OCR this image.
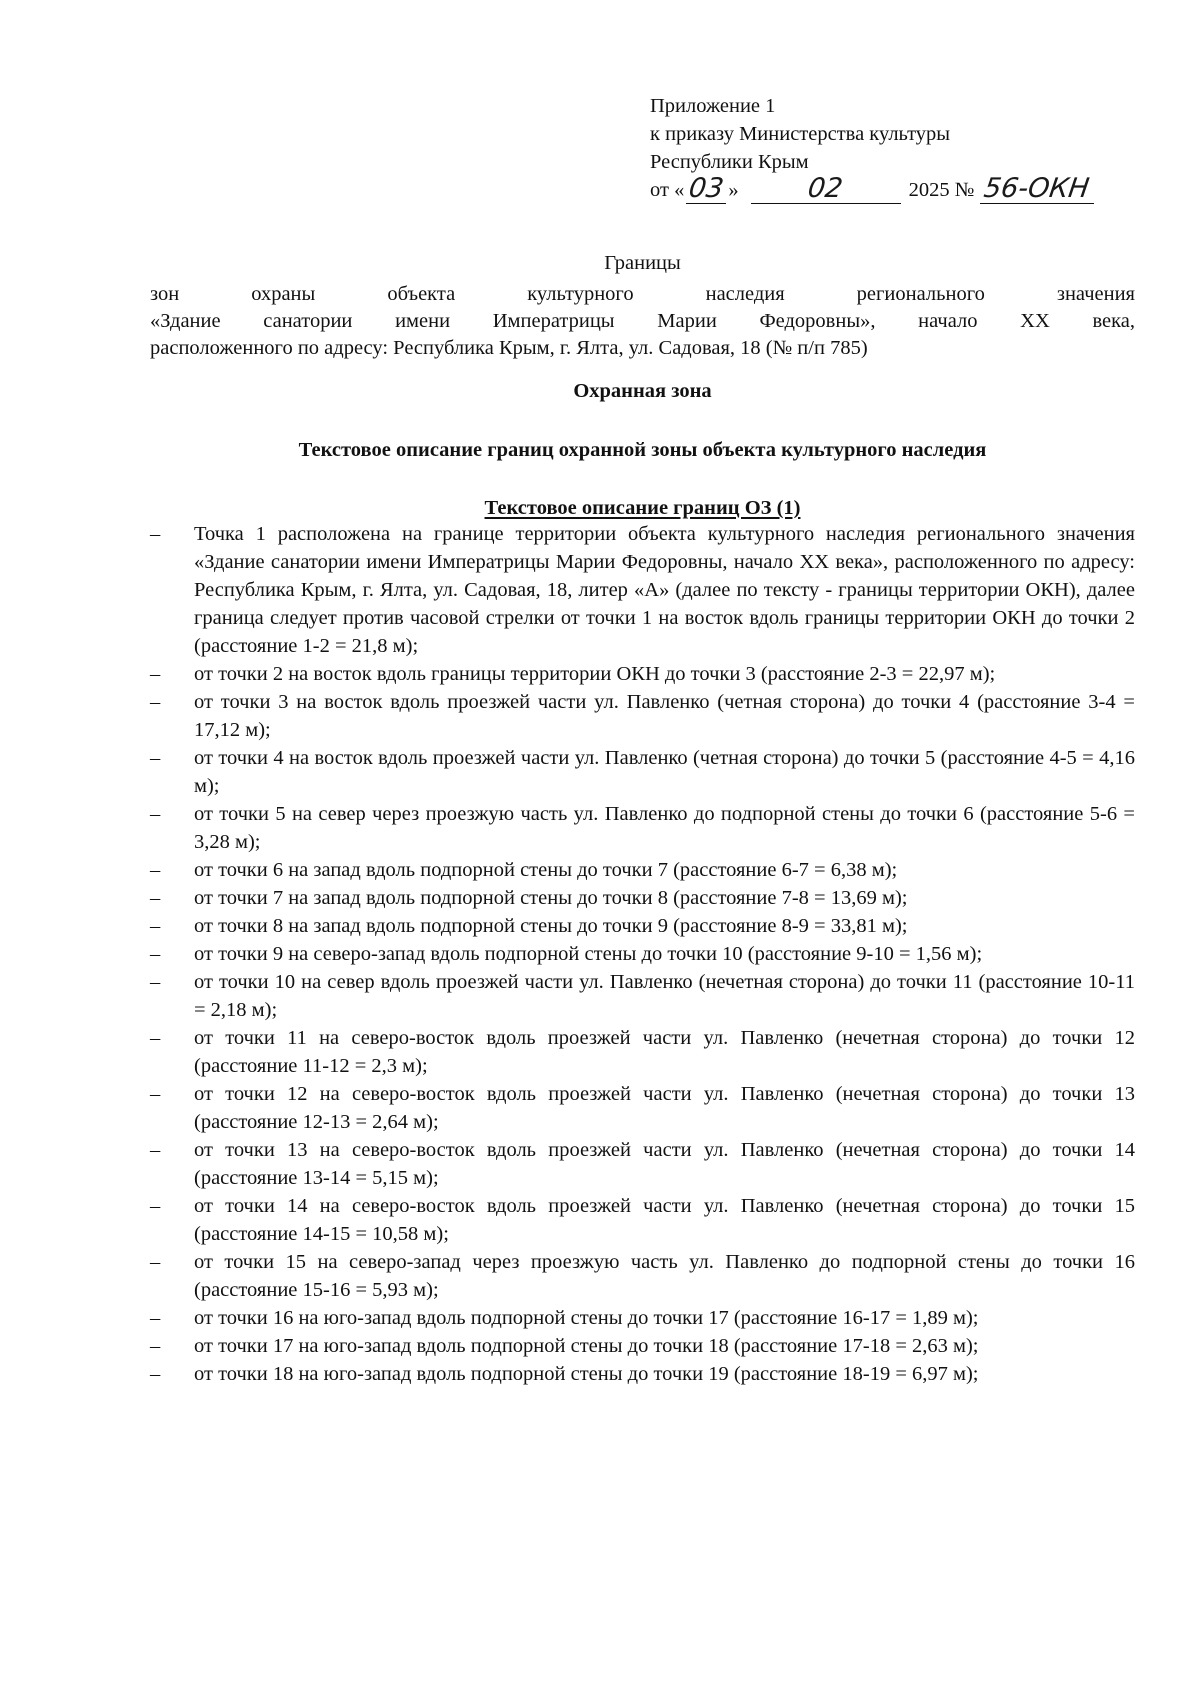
Приложение 1
к приказу Министерства культуры
Республики Крым
от « 03 »	02	2025 № 56-ОКН
Границы
зон охраны объекта культурного наследия регионального значения
«Здание санатории имени Императрицы Марии Федоровны», начало XX века,
расположенного по адресу: Республика Крым, г. Ялта, ул. Садовая, 18 (№ п/п 785)
Охранная зона
Текстовое описание границ охранной зоны объекта культурного наследия
Текстовое описание границ ОЗ (1)
– Точка 1 расположена на границе территории объекта культурного наследия регионального значения «Здание санатории имени Императрицы Марии Федоровны, начало XX века», расположенного по адресу: Республика Крым, г. Ялта, ул. Садовая, 18, литер «А» (далее по тексту - границы территории ОКН), далее граница следует против часовой стрелки от точки 1 на восток вдоль границы территории ОКН до точки 2 (расстояние 1-2 = 21,8 м);
– от точки 2 на восток вдоль границы территории ОКН до точки 3 (расстояние 2-3 = 22,97 м);
– от точки 3 на восток вдоль проезжей части ул. Павленко (четная сторона) до точки 4 (расстояние 3-4 = 17,12 м);
– от точки 4 на восток вдоль проезжей части ул. Павленко (четная сторона) до точки 5 (расстояние 4-5 = 4,16 м);
– от точки 5 на север через проезжую часть ул. Павленко до подпорной стены до точки 6 (расстояние 5-6 = 3,28 м);
– от точки 6 на запад вдоль подпорной стены до точки 7 (расстояние 6-7 = 6,38 м);
– от точки 7 на запад вдоль подпорной стены до точки 8 (расстояние 7-8 = 13,69 м);
– от точки 8 на запад вдоль подпорной стены до точки 9 (расстояние 8-9 = 33,81 м);
– от точки 9 на северо-запад вдоль подпорной стены до точки 10 (расстояние 9-10 = 1,56 м);
– от точки 10 на север вдоль проезжей части ул. Павленко (нечетная сторона) до точки 11 (расстояние 10-11 = 2,18 м);
– от точки 11 на северо-восток вдоль проезжей части ул. Павленко (нечетная сторона) до точки 12 (расстояние 11-12 = 2,3 м);
– от точки 12 на северо-восток вдоль проезжей части ул. Павленко (нечетная сторона) до точки 13 (расстояние 12-13 = 2,64 м);
– от точки 13 на северо-восток вдоль проезжей части ул. Павленко (нечетная сторона) до точки 14 (расстояние 13-14 = 5,15 м);
– от точки 14 на северо-восток вдоль проезжей части ул. Павленко (нечетная сторона) до точки 15 (расстояние 14-15 = 10,58 м);
– от точки 15 на северо-запад через проезжую часть ул. Павленко до подпорной стены до точки 16 (расстояние 15-16 = 5,93 м);
– от точки 16 на юго-запад вдоль подпорной стены до точки 17 (расстояние 16-17 = 1,89 м);
– от точки 17 на юго-запад вдоль подпорной стены до точки 18 (расстояние 17-18 = 2,63 м);
– от точки 18 на юго-запад вдоль подпорной стены до точки 19 (расстояние 18-19 = 6,97 м);
